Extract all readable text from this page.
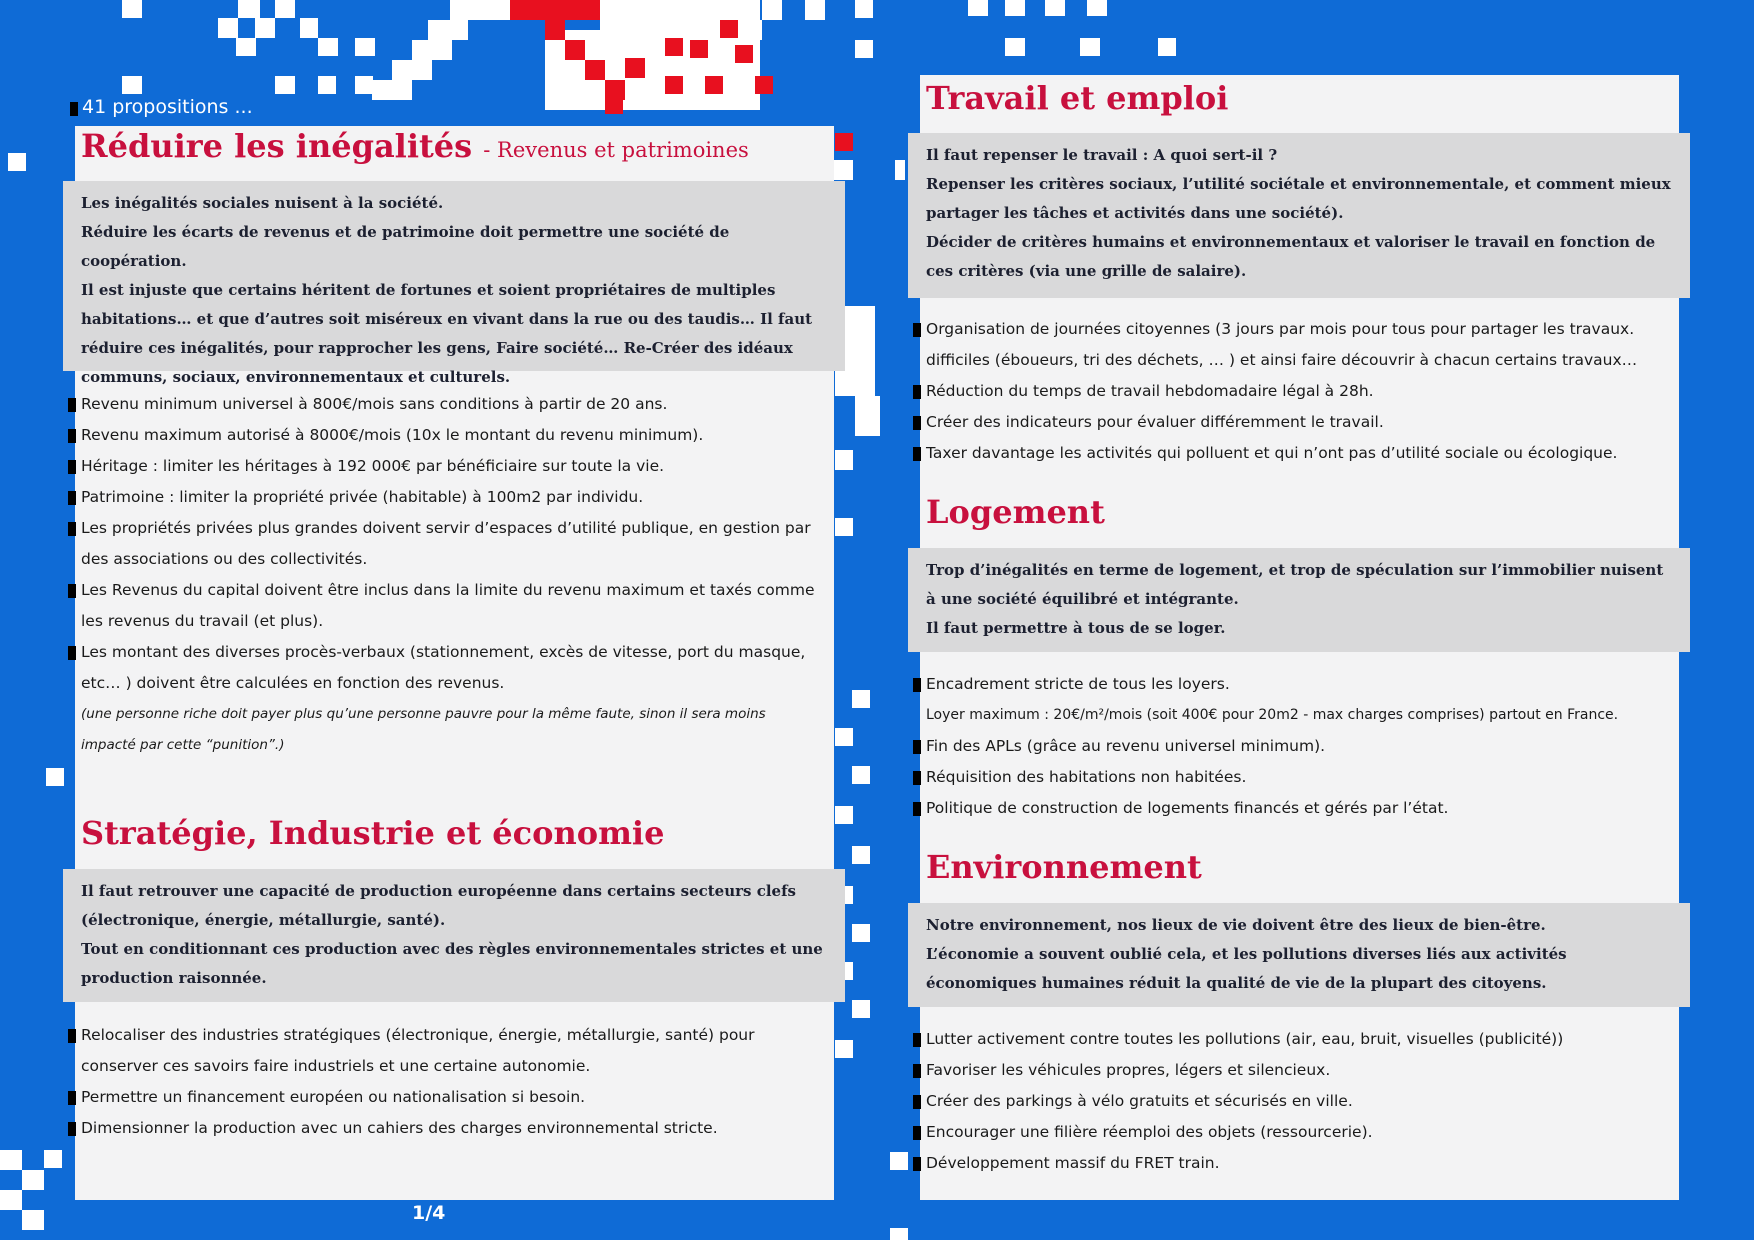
41 propositions ...
Réduire les inégalités - Revenus et patrimoines

Les inégalités sociales nuisent à la société.

Réduire les écarts de revenus et de patrimoine doit permettre une société de coopération.

Il est injuste que certains héritent de fortunes et soient propriétaires de multiples habitations… et que d’autres soit miséreux en vivant dans la rue ou des taudis… Il faut réduire ces inégalités, pour rapprocher les gens, Faire société… Re-Créer des idéaux communs, sociaux, environnementaux et culturels.

Revenu minimum universel à 800€/mois sans conditions à partir de 20 ans.
Revenu maximum autorisé à 8000€/mois (10x le montant du revenu minimum).
Héritage : limiter les héritages à 192 000€ par bénéficiaire sur toute la vie.
Patrimoine : limiter la propriété privée (habitable) à 100m2 par individu.
Les propriétés privées plus grandes doivent servir d’espaces d’utilité publique, en gestion par des associations ou des collectivités.
Les Revenus du capital doivent être inclus dans la limite du revenu maximum et taxés comme les revenus du travail (et plus).
Les montant des diverses procès-verbaux (stationnement, excès de vitesse, port du masque, etc… ) doivent être calculées en fonction des revenus.
(une personne riche doit payer plus qu’une personne pauvre pour la même faute, sinon il sera moins impacté par cette “punition”.)
Stratégie, Industrie et économie

Il faut retrouver une capacité de production européenne dans certains secteurs clefs (électronique, énergie, métallurgie, santé).

Tout en conditionnant ces production avec des règles environnementales strictes et une production raisonnée.

Relocaliser des industries stratégiques (électronique, énergie, métallurgie, santé) pour conserver ces savoirs faire industriels et une certaine autonomie.
Permettre un financement européen ou nationalisation si besoin.
Dimensionner la production avec un cahiers des charges environnemental stricte.
1/4
Travail et emploi

Il faut repenser le travail : A quoi sert-il ?

Repenser les critères sociaux, l’utilité sociétale et environnementale, et comment mieux partager les tâches et activités dans une société).

Décider de critères humains et environnementaux et valoriser le travail en fonction de ces critères (via une grille de salaire).

Organisation de journées citoyennes (3 jours par mois pour tous pour partager les travaux. difficiles (éboueurs, tri des déchets, … ) et ainsi faire découvrir à chacun certains travaux…
Réduction du temps de travail hebdomadaire légal à 28h.
Créer des indicateurs pour évaluer différemment le travail.
Taxer davantage les activités qui polluent et qui n’ont pas d’utilité sociale ou écologique.
Logement

Trop d’inégalités en terme de logement, et trop de spéculation sur l’immobilier nuisent à une société équilibré et intégrante.

Il faut permettre à tous de se loger.

Encadrement stricte de tous les loyers.
Loyer maximum : 20€/m²/mois (soit 400€ pour 20m2 - max charges comprises) partout en France.
Fin des APLs (grâce au revenu universel minimum).
Réquisition des habitations non habitées.
Politique de construction de logements financés et gérés par l’état.
Environnement

Notre environnement, nos lieux de vie doivent être des lieux de bien-être.

L’économie a souvent oublié cela, et les pollutions diverses liés aux activités économiques humaines réduit la qualité de vie de la plupart des citoyens.

Lutter activement contre toutes les pollutions (air, eau, bruit, visuelles (publicité))
Favoriser les véhicules propres, légers et silencieux.
Créer des parkings à vélo gratuits et sécurisés en ville.
Encourager une filière réemploi des objets (ressourcerie).
Développement massif du FRET train.
